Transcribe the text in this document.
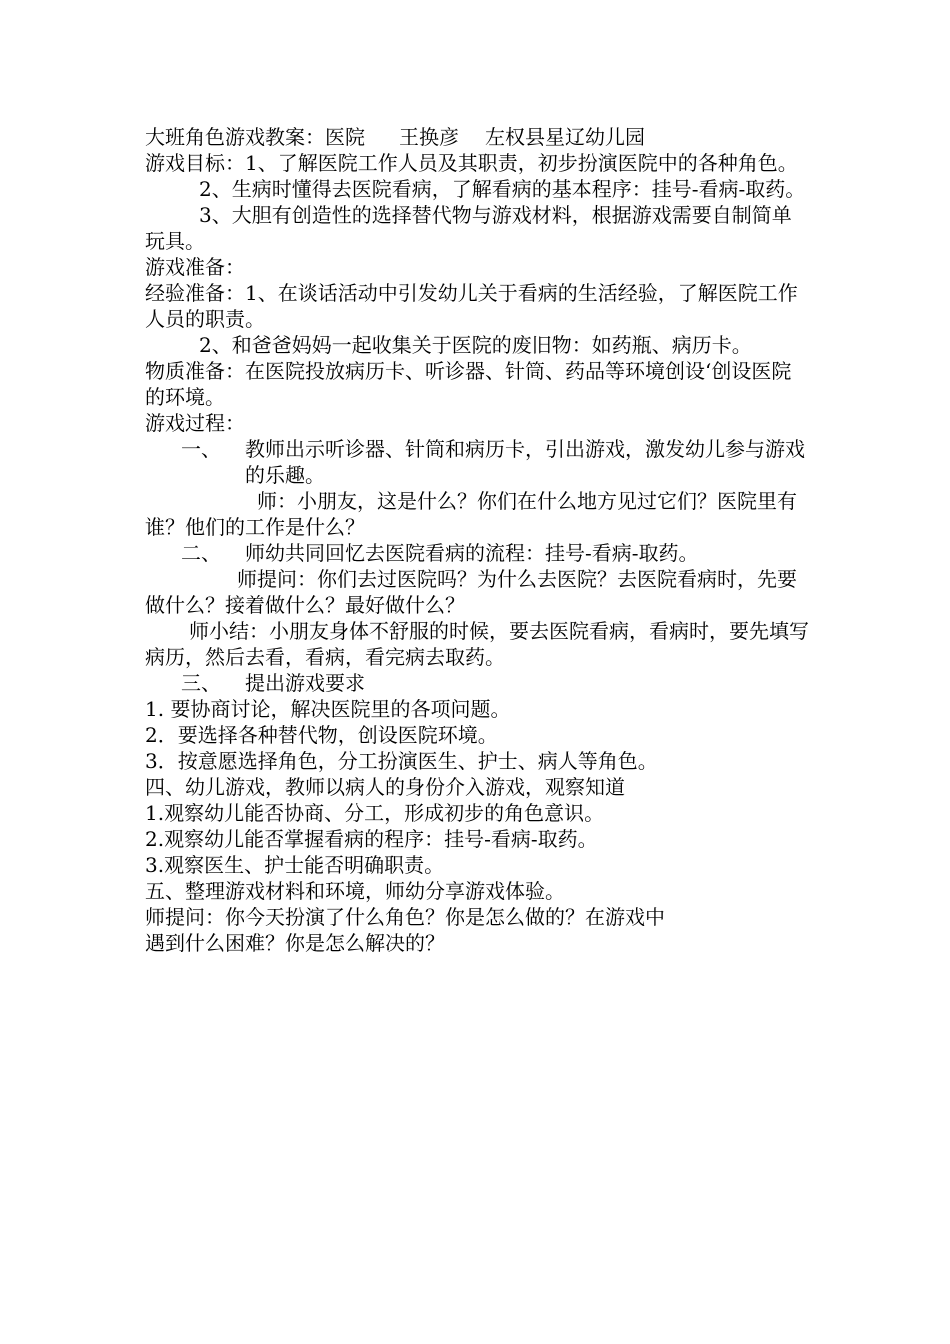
大班角色游戏教案：医院 王换彦 左权县星辽幼儿园

游戏目标：1、了解医院工作人员及其职责，初步扮演医院中的各种角色。

2、生病时懂得去医院看病，了解看病的基本程序：挂号-看病-取药。

3、大胆有创造性的选择替代物与游戏材料，根据游戏需要自制简单玩具。

游戏准备：

经验准备：1、在谈话活动中引发幼儿关于看病的生活经验，了解医院工作人员的职责。

2、和爸爸妈妈一起收集关于医院的废旧物：如药瓶、病历卡。

物质准备：在医院投放病历卡、听诊器、针筒、药品等环境创设‘创设医院的环境。

游戏过程：

一、	教师出示听诊器、针筒和病历卡，引出游戏，激发幼儿参与游戏的乐趣。

师：小朋友，这是什么？你们在什么地方见过它们？医院里有谁？他们的工作是什么？

二、	师幼共同回忆去医院看病的流程：挂号-看病-取药。

师提问：你们去过医院吗？为什么去医院？去医院看病时，先要做什么？接着做什么？最好做什么？

师小结：小朋友身体不舒服的时候，要去医院看病，看病时，要先填写病历，然后去看，看病，看完病去取药。

三、	提出游戏要求

1. 要协商讨论，解决医院里的各项问题。

2．要选择各种替代物，创设医院环境。

3．按意愿选择角色，分工扮演医生、护士、病人等角色。

四、幼儿游戏，教师以病人的身份介入游戏，观察知道

1.观察幼儿能否协商、分工，形成初步的角色意识。

2.观察幼儿能否掌握看病的程序：挂号-看病-取药。

3.观察医生、护士能否明确职责。

五、整理游戏材料和环境，师幼分享游戏体验。

师提问：你今天扮演了什么角色？你是怎么做的？在游戏中

遇到什么困难？你是怎么解决的？
